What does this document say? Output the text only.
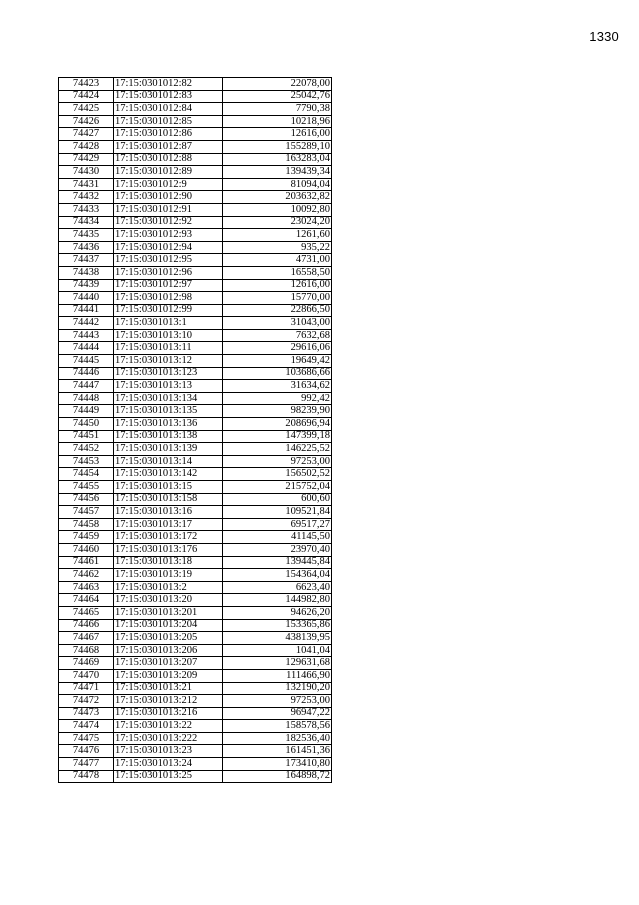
1330
74423	17:15:0301012:82	22078,00
74424	17:15:0301012:83	25042,76
74425	17:15:0301012:84	7790,38
74426	17:15:0301012:85	10218,96
74427	17:15:0301012:86	12616,00
74428	17:15:0301012:87	155289,10
74429	17:15:0301012:88	163283,04
74430	17:15:0301012:89	139439,34
74431	17:15:0301012:9	81094,04
74432	17:15:0301012:90	203632,82
74433	17:15:0301012:91	10092,80
74434	17:15:0301012:92	23024,20
74435	17:15:0301012:93	1261,60
74436	17:15:0301012:94	935,22
74437	17:15:0301012:95	4731,00
74438	17:15:0301012:96	16558,50
74439	17:15:0301012:97	12616,00
74440	17:15:0301012:98	15770,00
74441	17:15:0301012:99	22866,50
74442	17:15:0301013:1	31043,00
74443	17:15:0301013:10	7632,68
74444	17:15:0301013:11	29616,06
74445	17:15:0301013:12	19649,42
74446	17:15:0301013:123	103686,66
74447	17:15:0301013:13	31634,62
74448	17:15:0301013:134	992,42
74449	17:15:0301013:135	98239,90
74450	17:15:0301013:136	208696,94
74451	17:15:0301013:138	147399,18
74452	17:15:0301013:139	146225,52
74453	17:15:0301013:14	97253,00
74454	17:15:0301013:142	156502,52
74455	17:15:0301013:15	215752,04
74456	17:15:0301013:158	600,60
74457	17:15:0301013:16	109521,84
74458	17:15:0301013:17	69517,27
74459	17:15:0301013:172	41145,50
74460	17:15:0301013:176	23970,40
74461	17:15:0301013:18	139445,84
74462	17:15:0301013:19	154364,04
74463	17:15:0301013:2	6623,40
74464	17:15:0301013:20	144982,80
74465	17:15:0301013:201	94626,20
74466	17:15:0301013:204	153365,86
74467	17:15:0301013:205	438139,95
74468	17:15:0301013:206	1041,04
74469	17:15:0301013:207	129631,68
74470	17:15:0301013:209	111466,90
74471	17:15:0301013:21	132190,20
74472	17:15:0301013:212	97253,00
74473	17:15:0301013:216	96947,22
74474	17:15:0301013:22	158578,56
74475	17:15:0301013:222	182536,40
74476	17:15:0301013:23	161451,36
74477	17:15:0301013:24	173410,80
74478	17:15:0301013:25	164898,72
